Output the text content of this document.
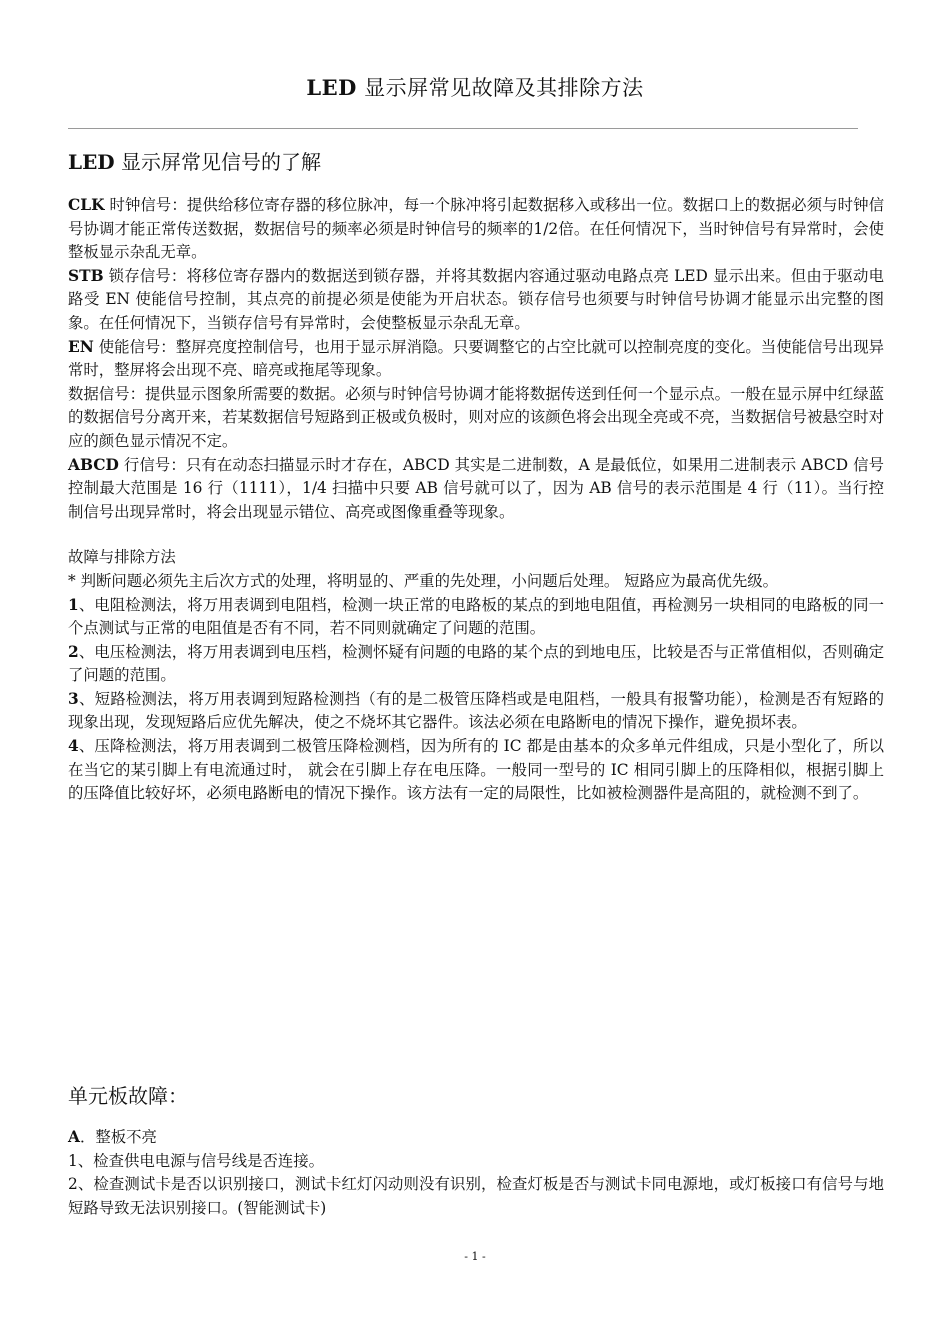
LED 显示屏常见故障及其排除方法
LED 显示屏常见信号的了解

CLK 时钟信号：提供给移位寄存器的移位脉冲，每一个脉冲将引起数据移入或移出一位。数据口上的数据必须与时钟信号协调才能正常传送数据，数据信号的频率必须是时钟信号的频率的1/2倍。在任何情况下，当时钟信号有异常时，会使整板显示杂乱无章。

STB 锁存信号：将移位寄存器内的数据送到锁存器，并将其数据内容通过驱动电路点亮 LED 显示出来。但由于驱动电路受 EN 使能信号控制，其点亮的前提必须是使能为开启状态。锁存信号也须要与时钟信号协调才能显示出完整的图象。在任何情况下，当锁存信号有异常时，会使整板显示杂乱无章。

EN 使能信号：整屏亮度控制信号，也用于显示屏消隐。只要调整它的占空比就可以控制亮度的变化。当使能信号出现异常时，整屏将会出现不亮、暗亮或拖尾等现象。

数据信号：提供显示图象所需要的数据。必须与时钟信号协调才能将数据传送到任何一个显示点。一般在显示屏中红绿蓝的数据信号分离开来，若某数据信号短路到正极或负极时，则对应的该颜色将会出现全亮或不亮，当数据信号被悬空时对应的颜色显示情况不定。

ABCD 行信号：只有在动态扫描显示时才存在，ABCD 其实是二进制数，A 是最低位，如果用二进制表示 ABCD 信号控制最大范围是 16 行（1111），1/4 扫描中只要 AB 信号就可以了，因为 AB 信号的表示范围是 4 行（11）。当行控制信号出现异常时，将会出现显示错位、高亮或图像重叠等现象。

故障与排除方法

* 判断问题必须先主后次方式的处理，将明显的、严重的先处理，小问题后处理。 短路应为最高优先级。

1、电阻检测法，将万用表调到电阻档，检测一块正常的电路板的某点的到地电阻值，再检测另一块相同的电路板的同一个点测试与正常的电阻值是否有不同，若不同则就确定了问题的范围。

2、电压检测法，将万用表调到电压档，检测怀疑有问题的电路的某个点的到地电压，比较是否与正常值相似，否则确定了问题的范围。

3、短路检测法，将万用表调到短路检测挡（有的是二极管压降档或是电阻档，一般具有报警功能），检测是否有短路的现象出现，发现短路后应优先解决，使之不烧坏其它器件。该法必须在电路断电的情况下操作，避免损坏表。

4、压降检测法，将万用表调到二极管压降检测档，因为所有的 IC 都是由基本的众多单元件组成，只是小型化了，所以在当它的某引脚上有电流通过时， 就会在引脚上存在电压降。一般同一型号的 IC 相同引脚上的压降相似，根据引脚上的压降值比较好坏，必须电路断电的情况下操作。该方法有一定的局限性，比如被检测器件是高阻的，就检测不到了。

单元板故障：

A．整板不亮

1、检查供电电源与信号线是否连接。

2、检查测试卡是否以识别接口，测试卡红灯闪动则没有识别，检查灯板是否与测试卡同电源地，或灯板接口有信号与地短路导致无法识别接口。(智能测试卡)

- 1 -
